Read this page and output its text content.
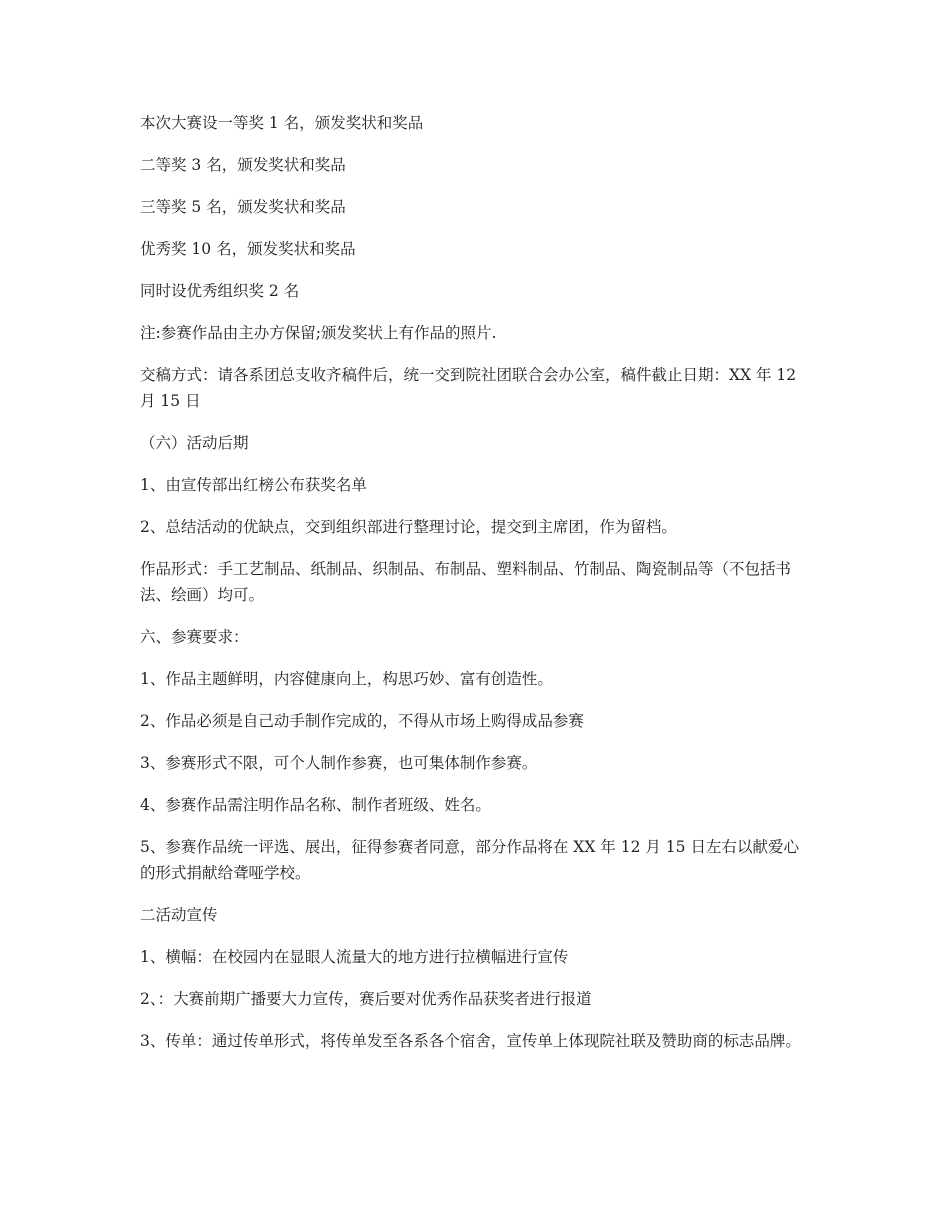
本次大赛设一等奖 1 名，颁发奖状和奖品

二等奖 3 名，颁发奖状和奖品

三等奖 5 名，颁发奖状和奖品

优秀奖 10 名，颁发奖状和奖品

同时设优秀组织奖 2 名

注:参赛作品由主办方保留;颁发奖状上有作品的照片.

交稿方式：请各系团总支收齐稿件后，统一交到院社团联合会办公室，稿件截止日期：XX 年 12 月 15 日

（六）活动后期

1、由宣传部出红榜公布获奖名单

2、总结活动的优缺点，交到组织部进行整理讨论，提交到主席团，作为留档。

作品形式：手工艺制品、纸制品、织制品、布制品、塑料制品、竹制品、陶瓷制品等（不包括书法、绘画）均可。

六、参赛要求：

1、作品主题鲜明，内容健康向上，构思巧妙、富有创造性。

2、作品必须是自己动手制作完成的，不得从市场上购得成品参赛

3、参赛形式不限，可个人制作参赛，也可集体制作参赛。

4、参赛作品需注明作品名称、制作者班级、姓名。

5、参赛作品统一评选、展出，征得参赛者同意，部分作品将在 XX 年 12 月 15 日左右以献爱心的形式捐献给聋哑学校。

二活动宣传

1、横幅：在校园内在显眼人流量大的地方进行拉横幅进行宣传

2、：大赛前期广播要大力宣传，赛后要对优秀作品获奖者进行报道

3、传单：通过传单形式，将传单发至各系各个宿舍，宣传单上体现院社联及赞助商的标志品牌。
